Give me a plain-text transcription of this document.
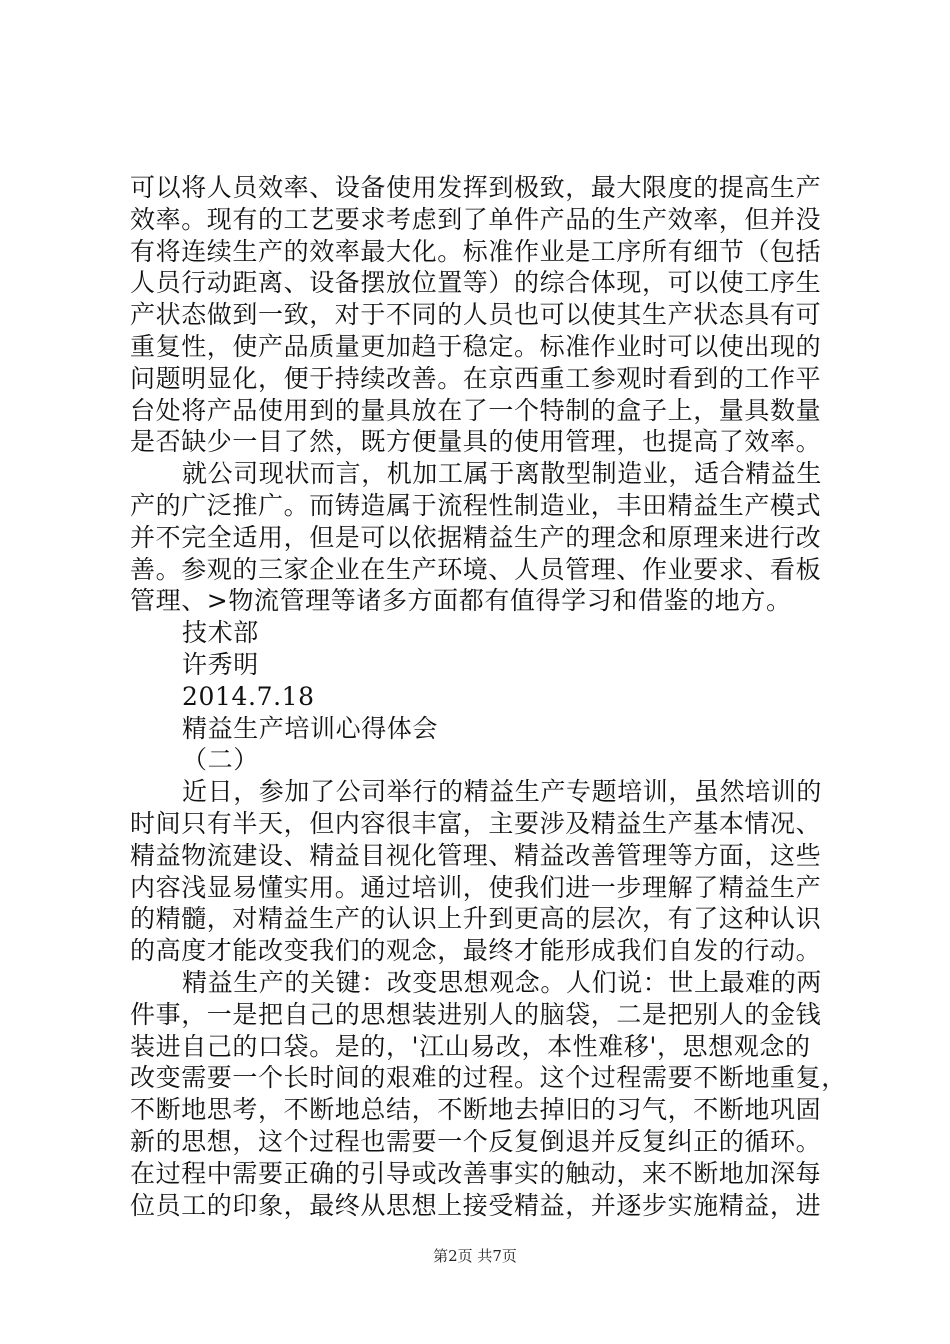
可以将人员效率、设备使用发挥到极致，最大限度的提高生产
效率。现有的工艺要求考虑到了单件产品的生产效率，但并没
有将连续生产的效率最大化。标准作业是工序所有细节（包括
人员行动距离、设备摆放位置等）的综合体现，可以使工序生
产状态做到一致，对于不同的人员也可以使其生产状态具有可
重复性，使产品质量更加趋于稳定。标准作业时可以使出现的
问题明显化，便于持续改善。在京西重工参观时看到的工作平
台处将产品使用到的量具放在了一个特制的盒子上，量具数量
是否缺少一目了然，既方便量具的使用管理，也提高了效率。
就公司现状而言，机加工属于离散型制造业，适合精益生
产的广泛推广。而铸造属于流程性制造业，丰田精益生产模式
并不完全适用，但是可以依据精益生产的理念和原理来进行改
善。参观的三家企业在生产环境、人员管理、作业要求、看板
管理、>物流管理等诸多方面都有值得学习和借鉴的地方。
技术部
许秀明
2014.7.18
精益生产培训心得体会
（二）
近日，参加了公司举行的精益生产专题培训，虽然培训的
时间只有半天，但内容很丰富，主要涉及精益生产基本情况、
精益物流建设、精益目视化管理、精益改善管理等方面，这些
内容浅显易懂实用。通过培训，使我们进一步理解了精益生产
的精髓，对精益生产的认识上升到更高的层次，有了这种认识
的高度才能改变我们的观念，最终才能形成我们自发的行动。
精益生产的关键：改变思想观念。人们说：世上最难的两
件事，一是把自己的思想装进别人的脑袋，二是把别人的金钱
装进自己的口袋。是的，'江山易改，本性难移'，思想观念的
改变需要一个长时间的艰难的过程。这个过程需要不断地重复，
不断地思考，不断地总结，不断地去掉旧的习气，不断地巩固
新的思想，这个过程也需要一个反复倒退并反复纠正的循环。
在过程中需要正确的引导或改善事实的触动，来不断地加深每
位员工的印象，最终从思想上接受精益，并逐步实施精益，进
第2页 共7页
